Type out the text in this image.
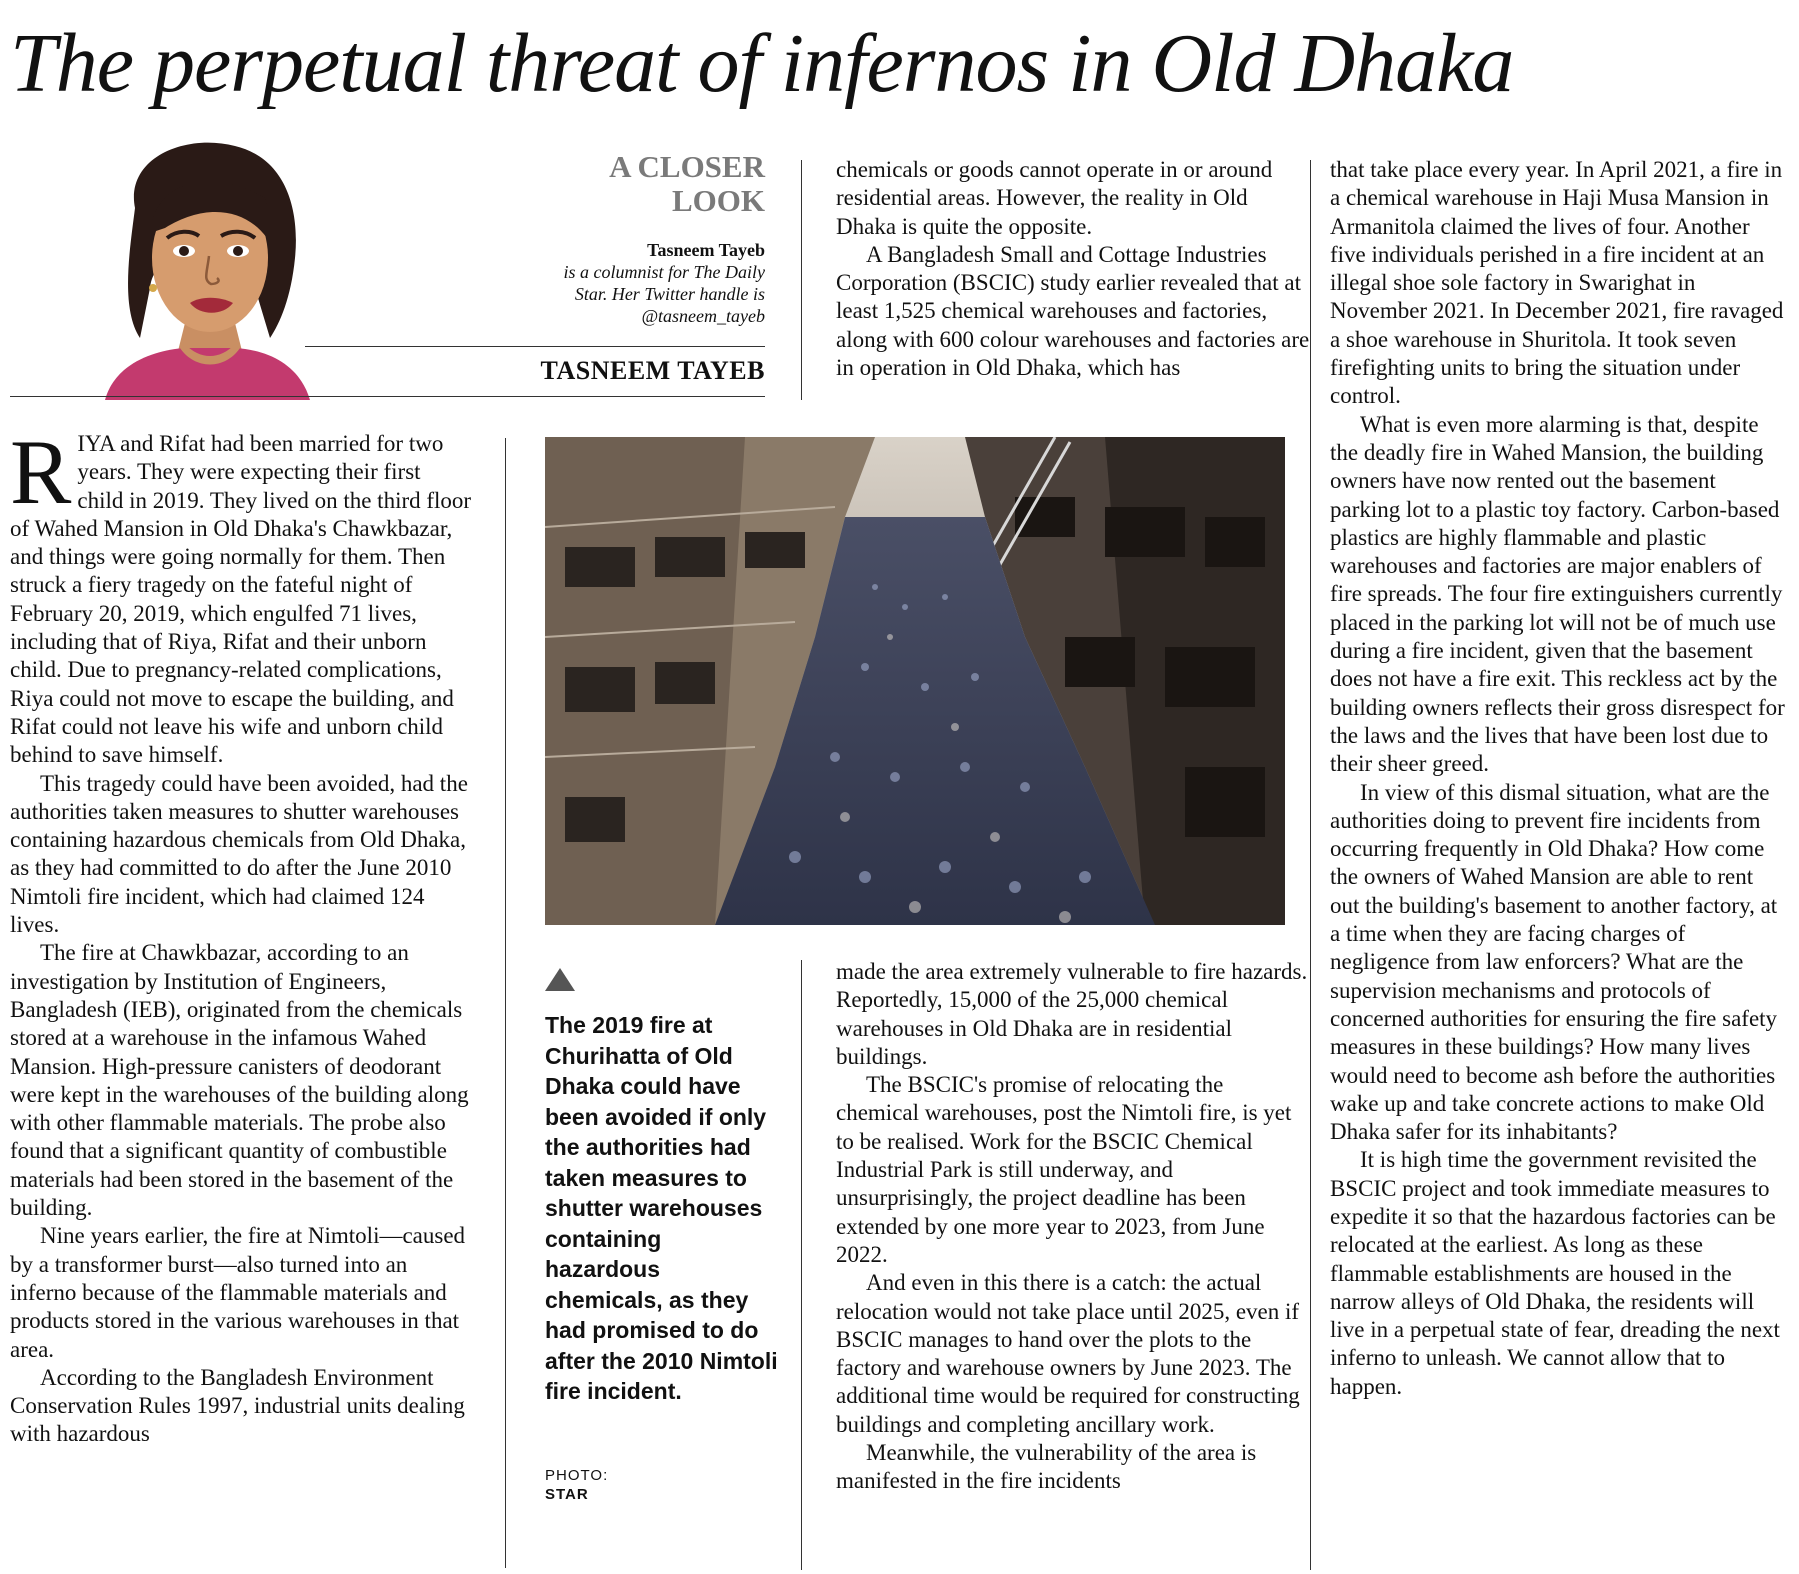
The perpetual threat of infernos in Old Dhaka
A CLOSER
LOOK
Tasneem Tayeb
is a columnist for The Daily
Star. Her Twitter handle is
@tasneem_tayeb
TASNEEM TAYEB

RIYA and Rifat had been married for two years. They were expecting their first child in 2019. They lived on the third floor of Wahed Mansion in Old Dhaka's Chawkbazar, and things were going normally for them. Then struck a fiery tragedy on the fateful night of February 20, 2019, which engulfed 71 lives, including that of Riya, Rifat and their unborn child. Due to pregnancy-related complications, Riya could not move to escape the building, and Rifat could not leave his wife and unborn child behind to save himself.

This tragedy could have been avoided, had the authorities taken measures to shutter warehouses containing hazardous chemicals from Old Dhaka, as they had committed to do after the June 2010 Nimtoli fire incident, which had claimed 124 lives.

The fire at Chawkbazar, according to an investigation by Institution of Engineers, Bangladesh (IEB), originated from the chemicals stored at a warehouse in the infamous Wahed Mansion. High-pressure canisters of deodorant were kept in the warehouses of the building along with other flammable materials. The probe also found that a significant quantity of combustible materials had been stored in the basement of the building.

Nine years earlier, the fire at Nimtoli—caused by a transformer burst—also turned into an inferno because of the flammable materials and products stored in the various warehouses in that area.

According to the Bangladesh Environment Conservation Rules 1997, industrial units dealing with hazardous

chemicals or goods cannot operate in or around residential areas. However, the reality in Old Dhaka is quite the opposite.

A Bangladesh Small and Cottage Industries Corporation (BSCIC) study earlier revealed that at least 1,525 chemical warehouses and factories, along with 600 colour warehouses and factories are in operation in Old Dhaka, which has

The 2019 fire at Churihatta of Old Dhaka could have been avoided if only the authorities had taken measures to shutter warehouses containing hazardous chemicals, as they had promised to do after the 2010 Nimtoli fire incident.

PHOTO:
STAR

made the area extremely vulnerable to fire hazards. Reportedly, 15,000 of the 25,000 chemical warehouses in Old Dhaka are in residential buildings.

The BSCIC's promise of relocating the chemical warehouses, post the Nimtoli fire, is yet to be realised. Work for the BSCIC Chemical Industrial Park is still underway, and unsurprisingly, the project deadline has been extended by one more year to 2023, from June 2022.

And even in this there is a catch: the actual relocation would not take place until 2025, even if BSCIC manages to hand over the plots to the factory and warehouse owners by June 2023. The additional time would be required for constructing buildings and completing ancillary work.

Meanwhile, the vulnerability of the area is manifested in the fire incidents

that take place every year. In April 2021, a fire in a chemical warehouse in Haji Musa Mansion in Armanitola claimed the lives of four. Another five individuals perished in a fire incident at an illegal shoe sole factory in Swarighat in November 2021. In December 2021, fire ravaged a shoe warehouse in Shuritola. It took seven firefighting units to bring the situation under control.

What is even more alarming is that, despite the deadly fire in Wahed Mansion, the building owners have now rented out the basement parking lot to a plastic toy factory. Carbon-based plastics are highly flammable and plastic warehouses and factories are major enablers of fire spreads. The four fire extinguishers currently placed in the parking lot will not be of much use during a fire incident, given that the basement does not have a fire exit. This reckless act by the building owners reflects their gross disrespect for the laws and the lives that have been lost due to their sheer greed.

In view of this dismal situation, what are the authorities doing to prevent fire incidents from occurring frequently in Old Dhaka? How come the owners of Wahed Mansion are able to rent out the building's basement to another factory, at a time when they are facing charges of negligence from law enforcers? What are the supervision mechanisms and protocols of concerned authorities for ensuring the fire safety measures in these buildings? How many lives would need to become ash before the authorities wake up and take concrete actions to make Old Dhaka safer for its inhabitants?

It is high time the government revisited the BSCIC project and took immediate measures to expedite it so that the hazardous factories can be relocated at the earliest. As long as these flammable establishments are housed in the narrow alleys of Old Dhaka, the residents will live in a perpetual state of fear, dreading the next inferno to unleash. We cannot allow that to happen.
